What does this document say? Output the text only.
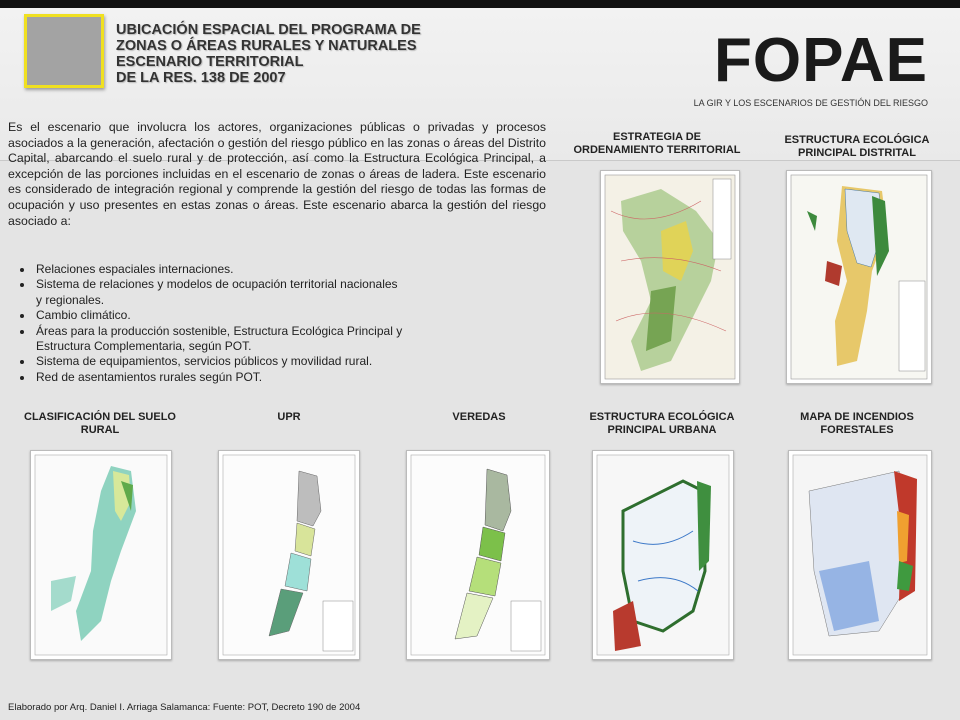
UBICACIÓN ESPACIAL DEL PROGRAMA DE
ZONAS O ÁREAS RURALES Y NATURALES
ESCENARIO TERRITORIAL
DE LA RES. 138 DE 2007	FOPAE
LA GIR Y LOS ESCENARIOS DE GESTIÓN DEL RIESGO
Es el escenario que involucra los actores, organizaciones públicas o privadas y procesos asociados a la generación, afectación o gestión del riesgo público en las zonas o áreas del Distrito Capital, abarcando el suelo rural y de protección, así como la Estructura Ecológica Principal, a excepción de las porciones incluidas en el escenario de zonas o áreas de ladera. Este escenario es considerado de integración regional y comprende la gestión del riesgo de todas las formas de ocupación y uso presentes en estas zonas o áreas. Este escenario abarca la gestión del riesgo asociado a:
• Relaciones espaciales internaciones.
• Sistema de relaciones y modelos de ocupación territorial nacionales y regionales.
• Cambio climático.
• Áreas para la producción sostenible, Estructura Ecológica Principal y Estructura Complementaria, según POT.
• Sistema de equipamientos, servicios públicos y movilidad rural.
• Red de asentamientos rurales según POT.
ESTRATEGIA DE ORDENAMIENTO TERRITORIAL
ESTRUCTURA ECOLÓGICA PRINCIPAL DISTRITAL
CLASIFICACIÓN DEL SUELO RURAL
UPR	VEREDAS	ESTRUCTURA ECOLÓGICA PRINCIPAL URBANA
MAPA DE INCENDIOS FORESTALES
Elaborado por Arq. Daniel I. Arriaga Salamanca: Fuente: POT, Decreto 190 de 2004
